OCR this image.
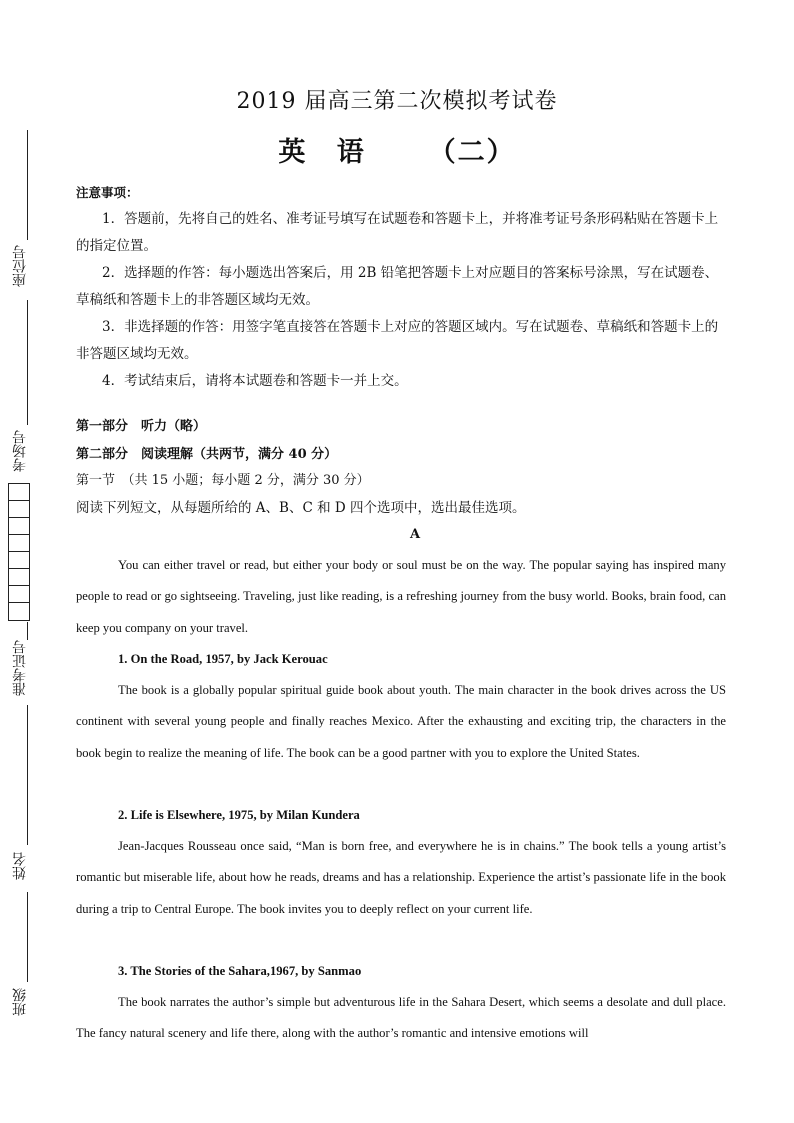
座位号
考场号
准考证号
姓名
班级
2019 届高三第二次模拟考试卷
英 语 （二）
注意事项：
1．答题前，先将自己的姓名、准考证号填写在试题卷和答题卡上，并将准考证号条形码粘贴在答题卡上的指定位置。
2．选择题的作答：每小题选出答案后，用 2B 铅笔把答题卡上对应题目的答案标号涂黑，写在试题卷、草稿纸和答题卡上的非答题区域均无效。
3．非选择题的作答：用签字笔直接答在答题卡上对应的答题区域内。写在试题卷、草稿纸和答题卡上的非答题区域均无效。
4．考试结束后，请将本试题卷和答题卡一并上交。
第一部分　听力（略）
第二部分　阅读理解（共两节，满分 40 分）
第一节　（共 15 小题；每小题 2 分，满分 30 分）
阅读下列短文，从每题所给的 A、B、C 和 D 四个选项中，选出最佳选项。
A
You can either travel or read, but either your body or soul must be on the way. The popular saying has inspired many people to read or go sightseeing. Traveling, just like reading, is a refreshing journey from the busy world. Books, brain food, can keep you company on your travel.
1. On the Road, 1957, by Jack Kerouac
The book is a globally popular spiritual guide book about youth. The main character in the book drives across the US continent with several young people and finally reaches Mexico. After the exhausting and exciting trip, the characters in the book begin to realize the meaning of life. The book can be a good partner with you to explore the United States.
2. Life is Elsewhere, 1975, by Milan Kundera
Jean-Jacques Rousseau once said, “Man is born free, and everywhere he is in chains.” The book tells a young artist’s romantic but miserable life, about how he reads, dreams and has a relationship. Experience the artist’s passionate life in the book during a trip to Central Europe. The book invites you to deeply reflect on your current life.
3. The Stories of the Sahara,1967, by Sanmao
The book narrates the author’s simple but adventurous life in the Sahara Desert, which seems a desolate and dull place. The fancy natural scenery and life there, along with the author’s romantic and intensive emotions will
